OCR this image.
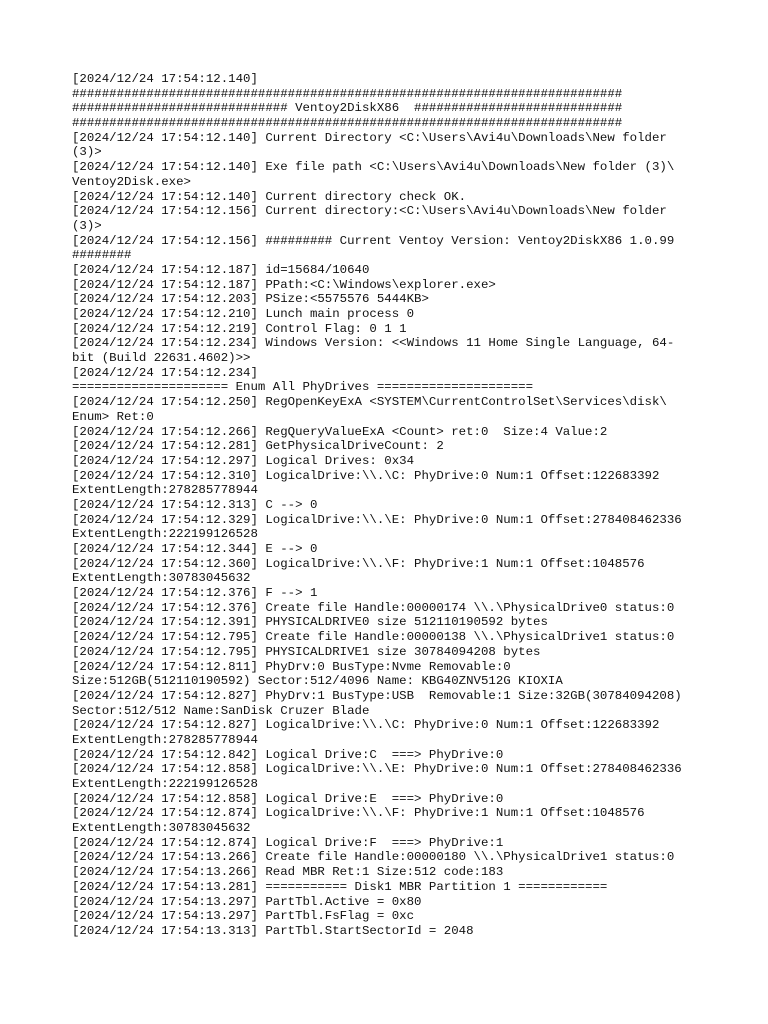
[2024/12/24 17:54:12.140]
##########################################################################
############################# Ventoy2DiskX86  ############################
##########################################################################
[2024/12/24 17:54:12.140] Current Directory <C:\Users\Avi4u\Downloads\New folder
(3)>
[2024/12/24 17:54:12.140] Exe file path <C:\Users\Avi4u\Downloads\New folder (3)\
Ventoy2Disk.exe>
[2024/12/24 17:54:12.140] Current directory check OK.
[2024/12/24 17:54:12.156] Current directory:<C:\Users\Avi4u\Downloads\New folder
(3)>
[2024/12/24 17:54:12.156] ######### Current Ventoy Version: Ventoy2DiskX86 1.0.99
########
[2024/12/24 17:54:12.187] id=15684/10640
[2024/12/24 17:54:12.187] PPath:<C:\Windows\explorer.exe>
[2024/12/24 17:54:12.203] PSize:<5575576 5444KB>
[2024/12/24 17:54:12.210] Lunch main process 0
[2024/12/24 17:54:12.219] Control Flag: 0 1 1
[2024/12/24 17:54:12.234] Windows Version: <<Windows 11 Home Single Language, 64-
bit (Build 22631.4602)>>
[2024/12/24 17:54:12.234]
===================== Enum All PhyDrives =====================
[2024/12/24 17:54:12.250] RegOpenKeyExA <SYSTEM\CurrentControlSet\Services\disk\
Enum> Ret:0
[2024/12/24 17:54:12.266] RegQueryValueExA <Count> ret:0  Size:4 Value:2
[2024/12/24 17:54:12.281] GetPhysicalDriveCount: 2
[2024/12/24 17:54:12.297] Logical Drives: 0x34
[2024/12/24 17:54:12.310] LogicalDrive:\\.\C: PhyDrive:0 Num:1 Offset:122683392
ExtentLength:278285778944
[2024/12/24 17:54:12.313] C --> 0
[2024/12/24 17:54:12.329] LogicalDrive:\\.\E: PhyDrive:0 Num:1 Offset:278408462336
ExtentLength:222199126528
[2024/12/24 17:54:12.344] E --> 0
[2024/12/24 17:54:12.360] LogicalDrive:\\.\F: PhyDrive:1 Num:1 Offset:1048576
ExtentLength:30783045632
[2024/12/24 17:54:12.376] F --> 1
[2024/12/24 17:54:12.376] Create file Handle:00000174 \\.\PhysicalDrive0 status:0
[2024/12/24 17:54:12.391] PHYSICALDRIVE0 size 512110190592 bytes
[2024/12/24 17:54:12.795] Create file Handle:00000138 \\.\PhysicalDrive1 status:0
[2024/12/24 17:54:12.795] PHYSICALDRIVE1 size 30784094208 bytes
[2024/12/24 17:54:12.811] PhyDrv:0 BusType:Nvme Removable:0
Size:512GB(512110190592) Sector:512/4096 Name: KBG40ZNV512G KIOXIA
[2024/12/24 17:54:12.827] PhyDrv:1 BusType:USB  Removable:1 Size:32GB(30784094208)
Sector:512/512 Name:SanDisk Cruzer Blade
[2024/12/24 17:54:12.827] LogicalDrive:\\.\C: PhyDrive:0 Num:1 Offset:122683392
ExtentLength:278285778944
[2024/12/24 17:54:12.842] Logical Drive:C  ===> PhyDrive:0
[2024/12/24 17:54:12.858] LogicalDrive:\\.\E: PhyDrive:0 Num:1 Offset:278408462336
ExtentLength:222199126528
[2024/12/24 17:54:12.858] Logical Drive:E  ===> PhyDrive:0
[2024/12/24 17:54:12.874] LogicalDrive:\\.\F: PhyDrive:1 Num:1 Offset:1048576
ExtentLength:30783045632
[2024/12/24 17:54:12.874] Logical Drive:F  ===> PhyDrive:1
[2024/12/24 17:54:13.266] Create file Handle:00000180 \\.\PhysicalDrive1 status:0
[2024/12/24 17:54:13.266] Read MBR Ret:1 Size:512 code:183
[2024/12/24 17:54:13.281] =========== Disk1 MBR Partition 1 ============
[2024/12/24 17:54:13.297] PartTbl.Active = 0x80
[2024/12/24 17:54:13.297] PartTbl.FsFlag = 0xc
[2024/12/24 17:54:13.313] PartTbl.StartSectorId = 2048
